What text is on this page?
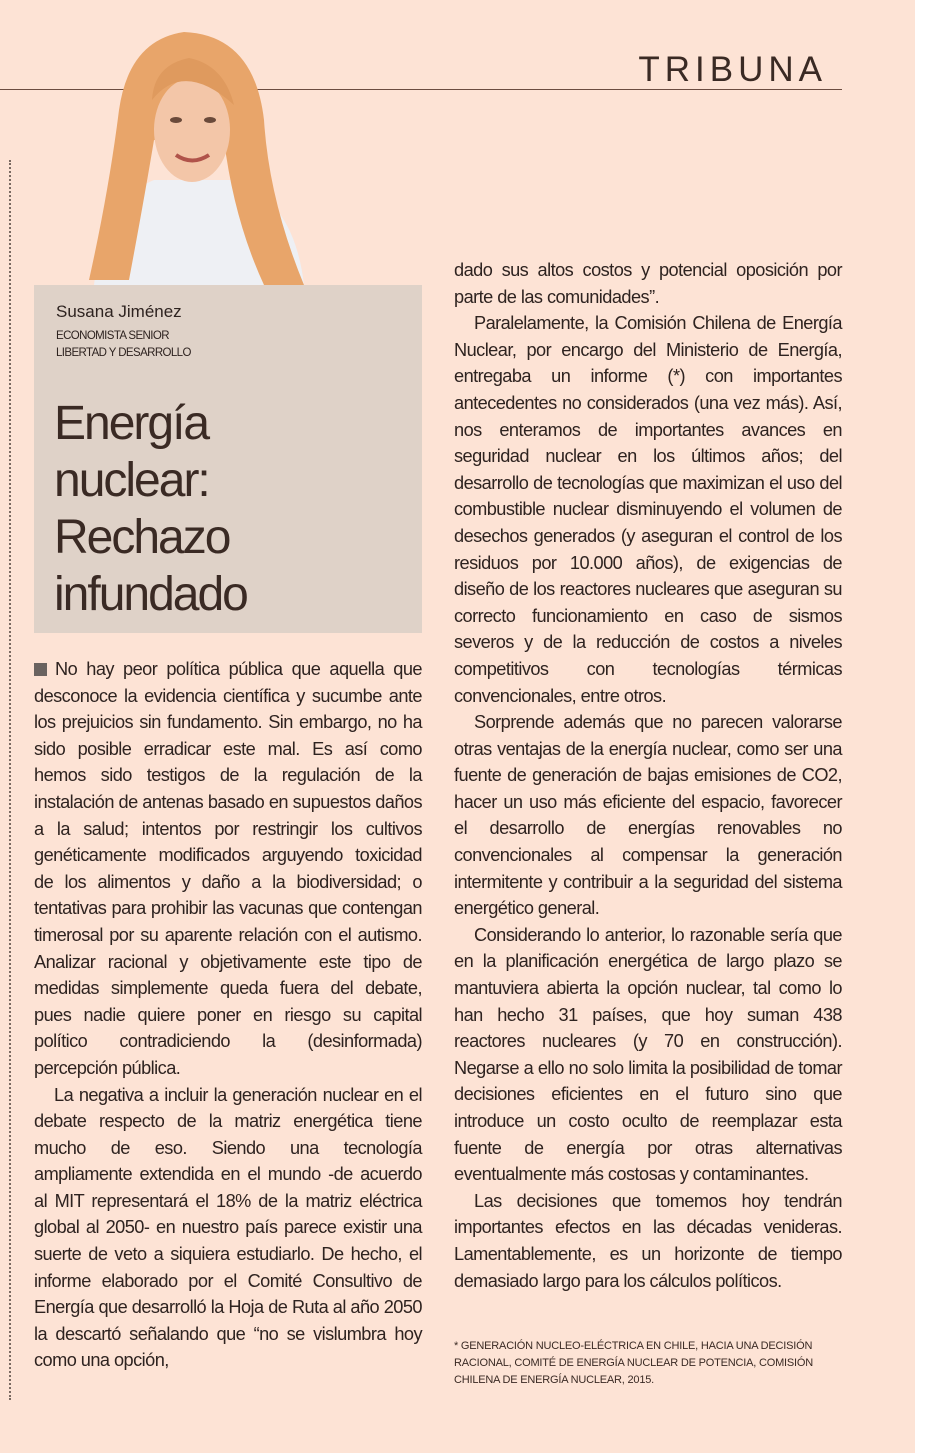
TRIBUNA
Susana Jiménez
ECONOMISTA SENIOR
LIBERTAD Y DESARROLLO
Energía
nuclear:
Rechazo
infundado

No hay peor política pública que aquella que desconoce la evidencia científica y sucumbe ante los prejuicios sin fundamento. Sin embargo, no ha sido posible erradicar este mal. Es así como hemos sido testigos de la regulación de la instalación de antenas basado en supuestos daños a la salud; intentos por restringir los cultivos genéticamente modificados arguyendo toxicidad de los alimentos y daño a la biodiversidad; o tentativas para prohibir las vacunas que contengan timerosal por su aparente relación con el autismo. Analizar racional y objetivamente este tipo de medidas simplemente queda fuera del debate, pues nadie quiere poner en riesgo su capital político contradiciendo la (desinformada) percepción pública.

La negativa a incluir la generación nuclear en el debate respecto de la matriz energética tiene mucho de eso. Siendo una tecnología ampliamente extendida en el mundo -de acuerdo al MIT representará el 18% de la matriz eléctrica global al 2050- en nuestro país parece existir una suerte de veto a siquiera estudiarlo. De hecho, el informe elaborado por el Comité Consultivo de Energía que desarrolló la Hoja de Ruta al año 2050 la descartó señalando que “no se vislumbra hoy como una opción,

dado sus altos costos y potencial oposición por parte de las comunidades”.

Paralelamente, la Comisión Chilena de Energía Nuclear, por encargo del Ministerio de Energía, entregaba un informe (*) con importantes antecedentes no considerados (una vez más). Así, nos enteramos de importantes avances en seguridad nuclear en los últimos años; del desarrollo de tecnologías que maximizan el uso del combustible nuclear disminuyendo el volumen de desechos generados (y aseguran el control de los residuos por 10.000 años), de exigencias de diseño de los reactores nucleares que aseguran su correcto funcionamiento en caso de sismos severos y de la reducción de costos a niveles competitivos con tecnologías térmicas convencionales, entre otros.

Sorprende además que no parecen valorarse otras ventajas de la energía nuclear, como ser una fuente de generación de bajas emisiones de CO2, hacer un uso más eficiente del espacio, favorecer el desarrollo de energías renovables no convencionales al compensar la generación intermitente y contribuir a la seguridad del sistema energético general.

Considerando lo anterior, lo razonable sería que en la planificación energética de largo plazo se mantuviera abierta la opción nuclear, tal como lo han hecho 31 países, que hoy suman 438 reactores nucleares (y 70 en construcción). Negarse a ello no solo limita la posibilidad de tomar decisiones eficientes en el futuro sino que introduce un costo oculto de reemplazar esta fuente de energía por otras alternativas eventualmente más costosas y contaminantes.

Las decisiones que tomemos hoy tendrán importantes efectos en las décadas venideras. Lamentablemente, es un horizonte de tiempo demasiado largo para los cálculos políticos.

* GENERACIÓN NUCLEO-ELÉCTRICA EN CHILE, HACIA UNA DECISIÓN RACIONAL, COMITÉ DE ENERGÍA NUCLEAR DE POTENCIA, COMISIÓN CHILENA DE ENERGÍA NUCLEAR, 2015.
